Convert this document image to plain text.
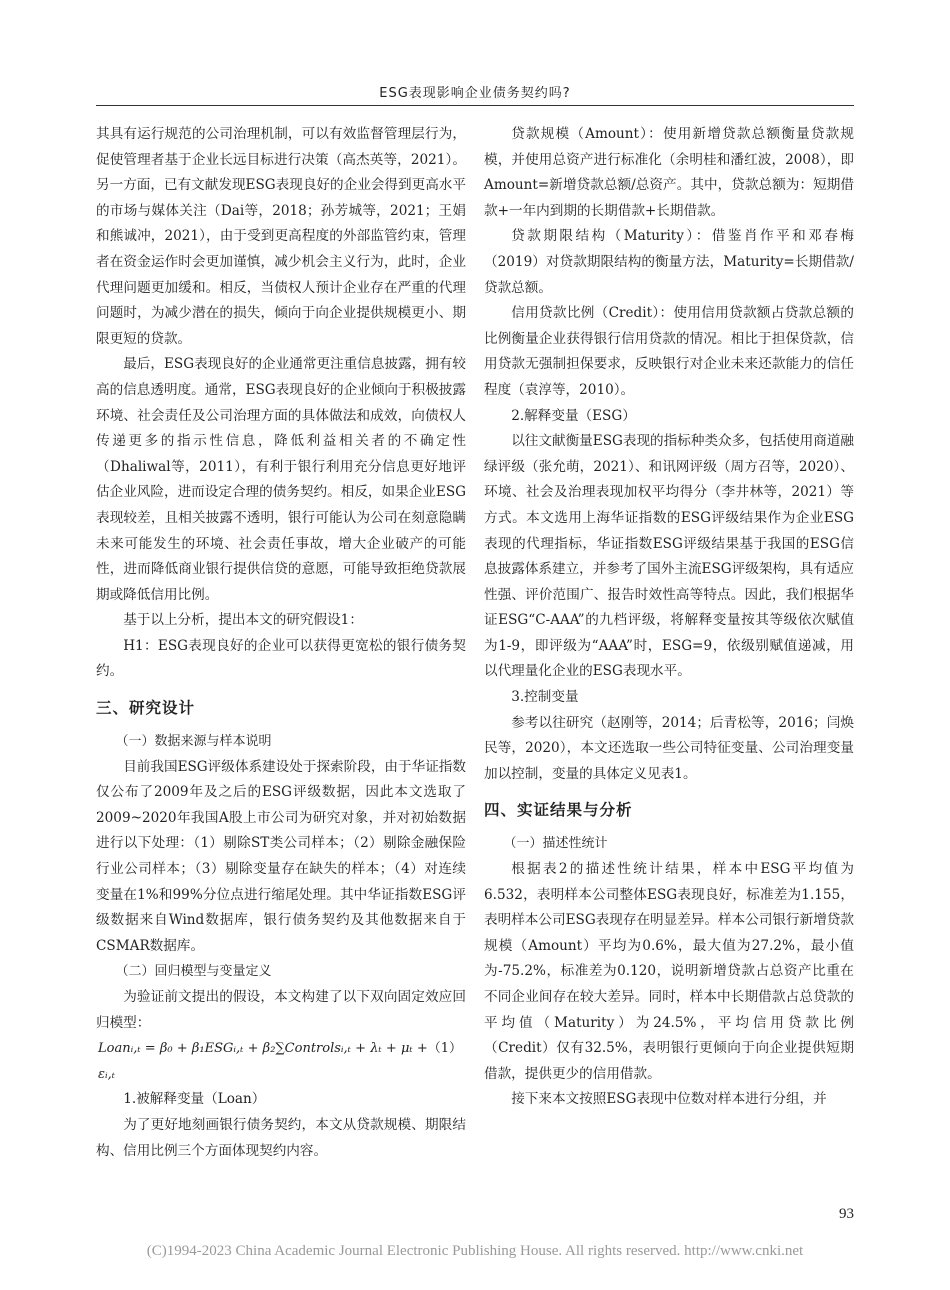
ESG表现影响企业债务契约吗?

其具有运行规范的公司治理机制，可以有效监督管理层行为，促使管理者基于企业长远目标进行决策（高杰英等，2021）。另一方面，已有文献发现ESG表现良好的企业会得到更高水平的市场与媒体关注（Dai等，2018；孙芳城等，2021；王娟和熊诚冲，2021），由于受到更高程度的外部监管约束，管理者在资金运作时会更加谨慎，减少机会主义行为，此时，企业代理问题更加缓和。相反，当债权人预计企业存在严重的代理问题时，为减少潜在的损失，倾向于向企业提供规模更小、期限更短的贷款。

最后，ESG表现良好的企业通常更注重信息披露，拥有较高的信息透明度。通常，ESG表现良好的企业倾向于积极披露环境、社会责任及公司治理方面的具体做法和成效，向债权人传递更多的指示性信息，降低利益相关者的不确定性（Dhaliwal等，2011），有利于银行利用充分信息更好地评估企业风险，进而设定合理的债务契约。相反，如果企业ESG表现较差，且相关披露不透明，银行可能认为公司在刻意隐瞒未来可能发生的环境、社会责任事故，增大企业破产的可能性，进而降低商业银行提供信贷的意愿，可能导致拒绝贷款展期或降低信用比例。

基于以上分析，提出本文的研究假设1：

H1：ESG表现良好的企业可以获得更宽松的银行债务契约。

三、研究设计

（一）数据来源与样本说明

目前我国ESG评级体系建设处于探索阶段，由于华证指数仅公布了2009年及之后的ESG评级数据，因此本文选取了2009~2020年我国A股上市公司为研究对象，并对初始数据进行以下处理：（1）剔除ST类公司样本；（2）剔除金融保险行业公司样本；（3）剔除变量存在缺失的样本；（4）对连续变量在1%和99%分位点进行缩尾处理。其中华证指数ESG评级数据来自Wind数据库，银行债务契约及其他数据来自于CSMAR数据库。

（二）回归模型与变量定义

为验证前文提出的假设，本文构建了以下双向固定效应回归模型：

Loanᵢ,ₜ = β₀ + β₁ESGᵢ,ₜ + β₂∑Controlsᵢ,ₜ + λₜ + μₜ + εᵢ,ₜ
（1）

1.被解释变量（Loan）

为了更好地刻画银行债务契约，本文从贷款规模、期限结构、信用比例三个方面体现契约内容。

贷款规模（Amount）：使用新增贷款总额衡量贷款规模，并使用总资产进行标准化（余明桂和潘红波，2008），即Amount=新增贷款总额/总资产。其中，贷款总额为：短期借款+一年内到期的长期借款+长期借款。

贷款期限结构（Maturity）：借鉴肖作平和邓春梅（2019）对贷款期限结构的衡量方法，Maturity=长期借款/贷款总额。

信用贷款比例（Credit）：使用信用贷款额占贷款总额的比例衡量企业获得银行信用贷款的情况。相比于担保贷款，信用贷款无强制担保要求，反映银行对企业未来还款能力的信任程度（袁淳等，2010）。

2.解释变量（ESG）

以往文献衡量ESG表现的指标种类众多，包括使用商道融绿评级（张允萌，2021）、和讯网评级（周方召等，2020）、环境、社会及治理表现加权平均得分（李井林等，2021）等方式。本文选用上海华证指数的ESG评级结果作为企业ESG表现的代理指标，华证指数ESG评级结果基于我国的ESG信息披露体系建立，并参考了国外主流ESG评级架构，具有适应性强、评价范围广、报告时效性高等特点。因此，我们根据华证ESG“C-AAA”的九档评级，将解释变量按其等级依次赋值为1-9，即评级为“AAA”时，ESG=9，依级别赋值递减，用以代理量化企业的ESG表现水平。

3.控制变量

参考以往研究（赵刚等，2014；后青松等，2016；闫焕民等，2020），本文还选取一些公司特征变量、公司治理变量加以控制，变量的具体定义见表1。

四、实证结果与分析

（一）描述性统计

根据表2的描述性统计结果，样本中ESG平均值为6.532，表明样本公司整体ESG表现良好，标准差为1.155，表明样本公司ESG表现存在明显差异。样本公司银行新增贷款规模（Amount）平均为0.6%，最大值为27.2%，最小值为-75.2%，标准差为0.120，说明新增贷款占总资产比重在不同企业间存在较大差异。同时，样本中长期借款占总贷款的平均值（Maturity）为24.5%，平均信用贷款比例（Credit）仅有32.5%，表明银行更倾向于向企业提供短期借款，提供更少的信用借款。

接下来本文按照ESG表现中位数对样本进行分组，并

93
(C)1994-2023 China Academic Journal Electronic Publishing House. All rights reserved. http://www.cnki.net
